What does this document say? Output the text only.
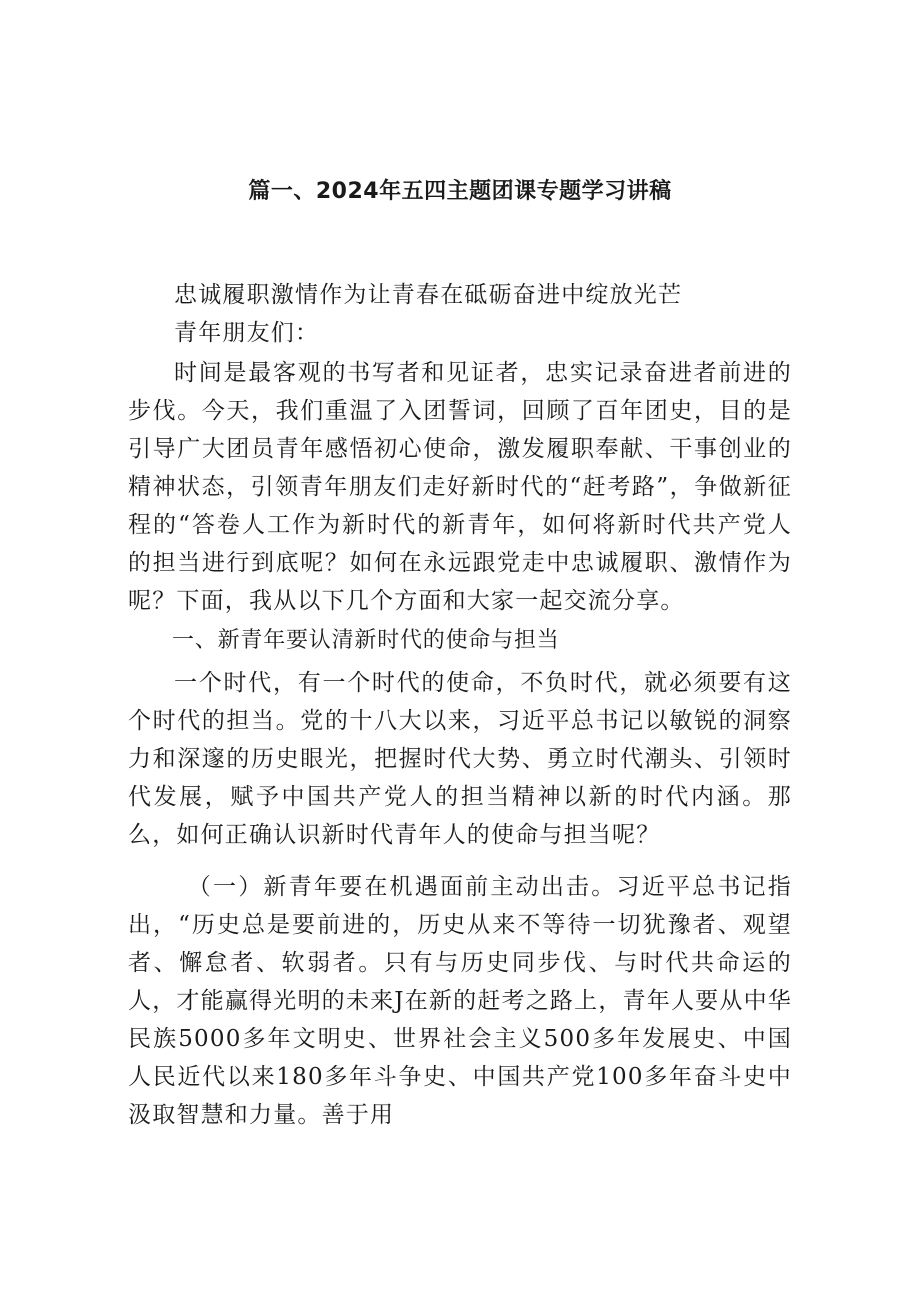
篇一、2024年五四主题团课专题学习讲稿

忠诚履职激情作为让青春在砥砺奋进中绽放光芒

青年朋友们：

时间是最客观的书写者和见证者，忠实记录奋进者前进的步伐。今天，我们重温了入团誓词，回顾了百年团史，目的是引导广大团员青年感悟初心使命，激发履职奉献、干事创业的精神状态，引领青年朋友们走好新时代的“赶考路”，争做新征程的“答卷人工作为新时代的新青年，如何将新时代共产党人的担当进行到底呢？如何在永远跟党走中忠诚履职、激情作为呢？下面，我从以下几个方面和大家一起交流分享。

一、新青年要认清新时代的使命与担当

一个时代，有一个时代的使命，不负时代，就必须要有这个时代的担当。党的十八大以来，习近平总书记以敏锐的洞察力和深邃的历史眼光，把握时代大势、勇立时代潮头、引领时代发展，赋予中国共产党人的担当精神以新的时代内涵。那么，如何正确认识新时代青年人的使命与担当呢？

（一）新青年要在机遇面前主动出击。习近平总书记指出，“历史总是要前进的，历史从来不等待一切犹豫者、观望者、懈怠者、软弱者。只有与历史同步伐、与时代共命运的人，才能赢得光明的未来J在新的赶考之路上，青年人要从中华民族5000多年文明史、世界社会主义500多年发展史、中国人民近代以来180多年斗争史、中国共产党100多年奋斗史中汲取智慧和力量。善于用
